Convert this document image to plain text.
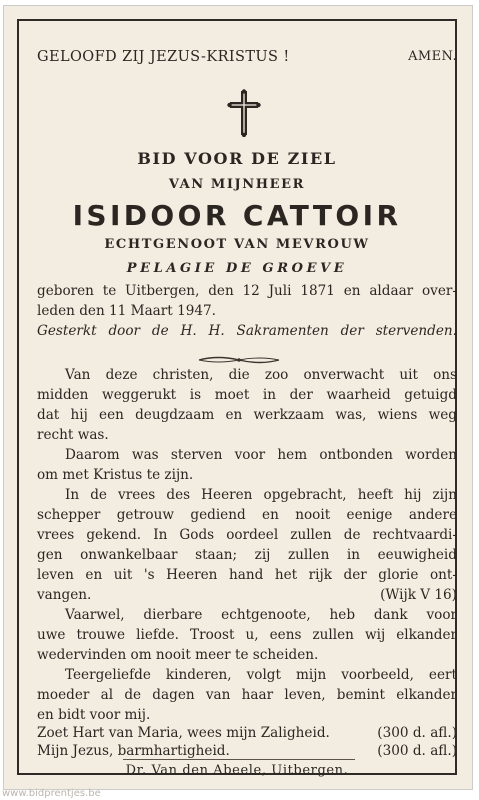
GELOOFD ZIJ JEZUS-KRISTUS !	AMEN.
BID VOOR DE ZIEL
VAN MIJNHEER
ISIDOOR CATTOIR
ECHTGENOOT VAN MEVROUW
PELAGIE DE GROEVE
geboren te Uitbergen, den 12 Juli 1871 en aldaar over-
leden den 11 Maart 1947.
Gesterkt door de H. H. Sakramenten der stervenden.
Van deze christen, die zoo onverwacht uit ons
midden weggerukt is moet in der waarheid getuigd
dat hij een deugdzaam en werkzaam was, wiens weg
recht was.
Daarom was sterven voor hem ontbonden worden
om met Kristus te zijn.
In de vrees des Heeren opgebracht, heeft hij zijn
schepper getrouw gediend en nooit eenige andere
vrees gekend. In Gods oordeel zullen de rechtvaardi-
gen onwankelbaar staan; zij zullen in eeuwigheid
leven en uit 's Heeren hand het rijk der glorie ont-
vangen.	(Wijk V 16)
Vaarwel, dierbare echtgenoote, heb dank voor
uwe trouwe liefde. Troost u, eens zullen wij elkander
wedervinden om nooit meer te scheiden.
Teergeliefde kinderen, volgt mijn voorbeeld, eert
moeder al de dagen van haar leven, bemint elkander
en bidt voor mij.
Zoet Hart van Maria, wees mijn Zaligheid.	(300 d. afl.)
Mijn Jezus, barmhartigheid.	(300 d. afl.)
Dr. Van den Abeele, Uitbergen.
www.bidprentjes.be
